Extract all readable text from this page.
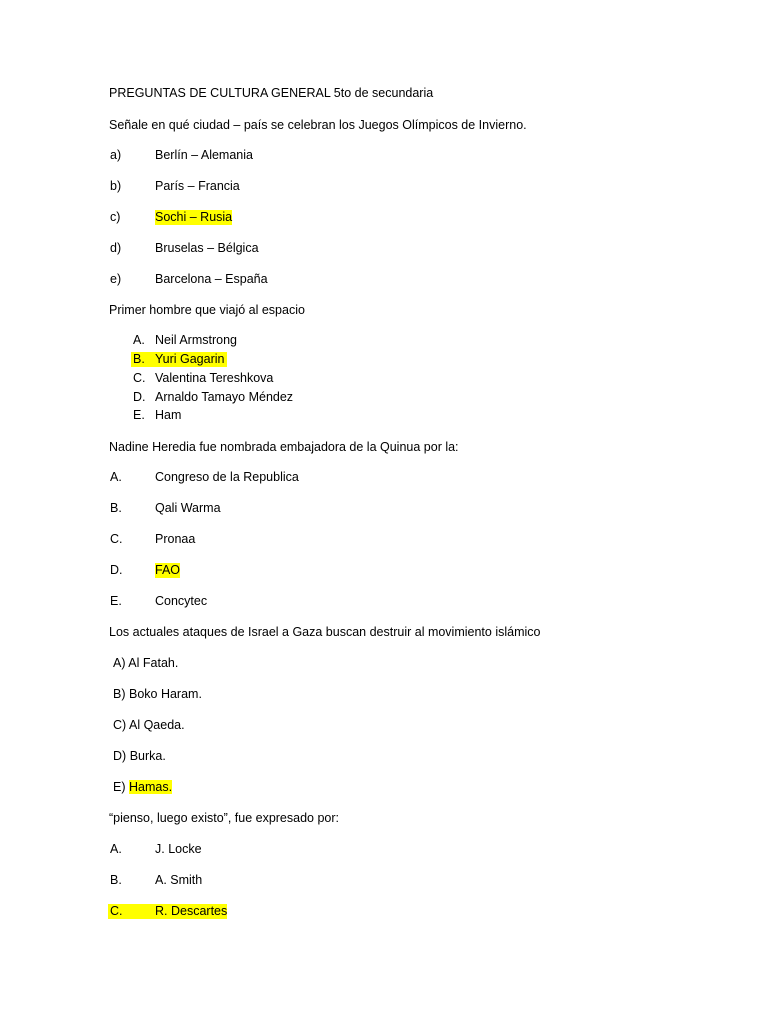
PREGUNTAS DE CULTURA GENERAL 5to de secundaria
Señale en qué ciudad – país se celebran los Juegos Olímpicos de Invierno.
a)	Berlín – Alemania
b)	París – Francia
c)	Sochi – Rusia
d)	Bruselas – Bélgica
e)	Barcelona – España
Primer hombre que viajó al espacio
A. Neil Armstrong
B. Yuri Gagarin
C. Valentina Tereshkova
D. Arnaldo Tamayo Méndez
E. Ham
Nadine Heredia fue nombrada embajadora de la Quinua por la:
A.	Congreso de la Republica
B.	Qali Warma
C.	Pronaa
D.	FAO
E.	Concytec
Los actuales ataques de Israel a Gaza buscan destruir al movimiento islámico
A) Al Fatah.
B) Boko Haram.
C) Al Qaeda.
D) Burka.
E) Hamas.
“pienso, luego existo”, fue expresado por:
A.	J. Locke
B.	A. Smith
C.	R. Descartes
